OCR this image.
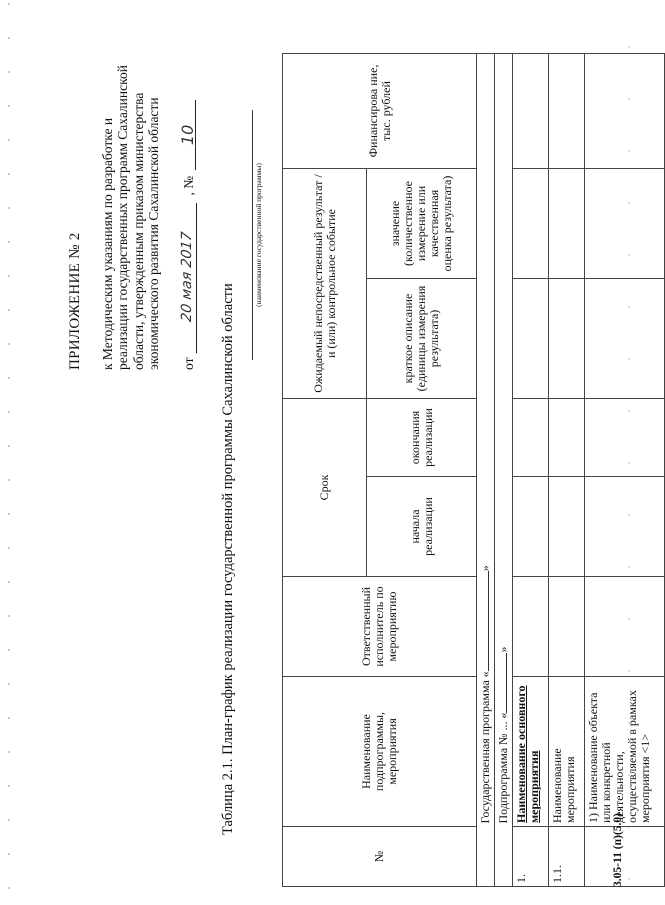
ПРИЛОЖЕНИЕ № 2 к Методическим указаниям по разработке и реализации государственных программ Сахалинской области, утвержденным приказом министерства экономического развития Сахалинской области от
20 мая 2017
, №
10
Таблица 2.1. План-график реализации государственной программы Сахалинской области
(наименование государственной программы)
№	Наименование подпрограммы, мероприятия	Ответственный исполнитель по мероприятию	Срок		Ожидаемый непосредственный результат / и (или) контрольное событие		Финансирова ние, тыс. рублей
			начала реализации	окончания реализации	краткое описание (единицы измерения результата)	значение (количественное измерение или качественная оценка результата)	
	Государственная программа «»						
	Подпрограмма № ... «»						
1.	Наименование основного мероприятия						
1.1.	Наименование мероприятия						
	1) Наименование объекта или конкретной деятельности, осуществляемой в рамках мероприятия <1>						
3.05-11 (п)(5.0)
